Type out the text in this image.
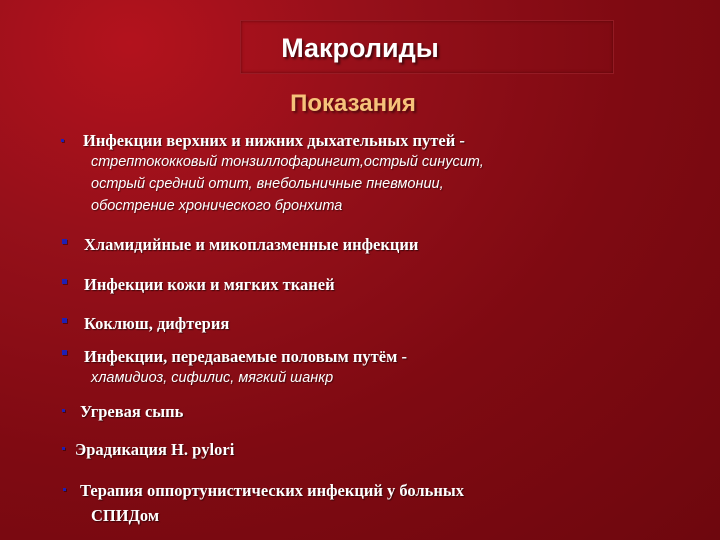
Макролиды
Показания
Инфекции верхних и нижних дыхательных путей -
стрептококковый тонзиллофарингит,острый синусит,
острый средний отит, внебольничные пневмонии,
обострение хронического бронхита
Хламидийные и микоплазменные инфекции
Инфекции кожи и мягких тканей
Коклюш, дифтерия
Инфекции, передаваемые половым путём -
хламидиоз, сифилис, мягкий шанкр
Угревая сыпь
Эрадикация H. pylori
Терапия оппортунистических инфекций у больных
СПИДом
